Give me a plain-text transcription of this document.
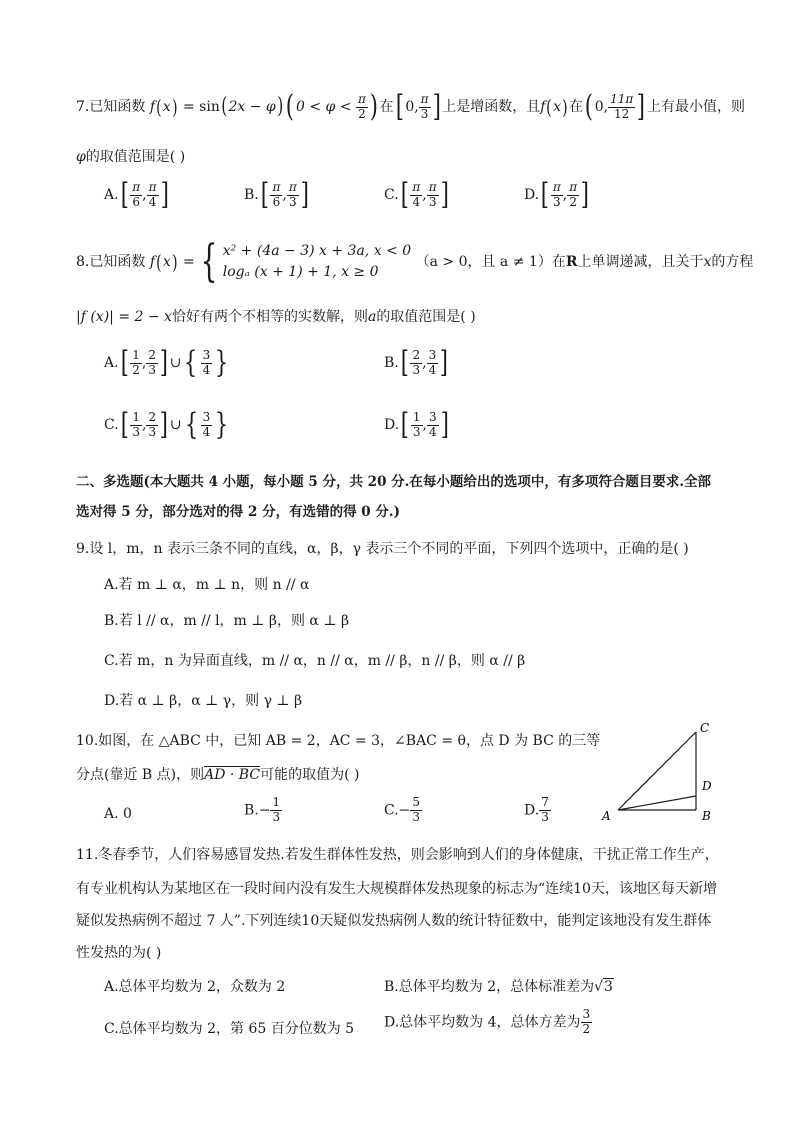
7.已知函数 f(x) = sin(2x − φ) ( $0 < \varphi < \frac{\pi}{2}$ ) 在[ 0, $\frac{\pi}{3}$ ] 上是增函数，且f(x)在( 0, $\frac{11\pi}{12}$ ] 上有最小值，则
φ的取值范围是( )
$A.[ \frac{\pi}{6}$ , $\frac{\pi}{4}$ ]	$B.[ \frac{\pi}{6}$ , $\frac{\pi}{3}$ ]	$C.[ \frac{\pi}{4}$ , $\frac{\pi}{3}$ ]	$D.[ \frac{\pi}{3}$ , $\frac{\pi}{2}$ ]
8.已知函数 f(x) = { x² + (4a − 3) x + 3a, x < 0
logₐ (x + 1) + 1, x ≥ 0 （a > 0，且 a ≠ 1）在R上单调递减，且关于x的方程
|f (x)| = 2 − x恰好有两个不相等的实数解，则a的取值范围是( )
$A.[ \frac{1}{2}$ , $\frac{2}{3}$ ] ∪{ $\frac{3}{4}$ }	$B.[ \frac{2}{3}$ , $\frac{3}{4}$ ]
$C.[ \frac{1}{3}$ , $\frac{2}{3}$ ] ∪{ $\frac{3}{4}$ }	$D.[ \frac{1}{3}$ , $\frac{3}{4}$ ]
二、多选题(本大题共 4 小题，每小题 5 分，共 20 分.在每小题给出的选项中，有多项符合题目要求.全部
选对得 5 分，部分选对的得 2 分，有选错的得 0 分.)
9.设 l，m，n 表示三条不同的直线，α，β，γ 表示三个不同的平面，下列四个选项中，正确的是( )
A.若 m ⊥ α，m ⊥ n，则 n // α
B.若 l // α，m // l，m ⊥ β，则 α ⊥ β
C.若 m，n 为异面直线，m // α，n // α，m // β，n // β，则 α // β
D.若 α ⊥ β，α ⊥ γ，则 γ ⊥ β
10.如图，在 △ABC 中，已知 AB = 2，AC = 3，∠BAC = θ，点 D 为 BC 的三等
分点(靠近 B 点)，则AD · BC可能的取值为( )
A. 0	$B.- \frac{1}{3}$	$C.- \frac{5}{3}$	D. $\frac{7}{3}$	A	B
C
D
11.冬春季节，人们容易感冒发热.若发生群体性发热，则会影响到人们的身体健康，干扰正常工作生产，
有专业机构认为某地区在一段时间内没有发生大规模群体发热现象的标志为“连续10天，该地区每天新增
疑似发热病例不超过 7 人”.下列连续10天疑似发热病例人数的统计特征数中，能判定该地没有发生群体
性发热的为( )
A.总体平均数为 2，众数为 2	B.总体平均数为 2，总体标准差为√3
C.总体平均数为 2，第 65 百分位数为 5 D.总体平均数为 4，总体方差为 $\frac{3}{2}$
